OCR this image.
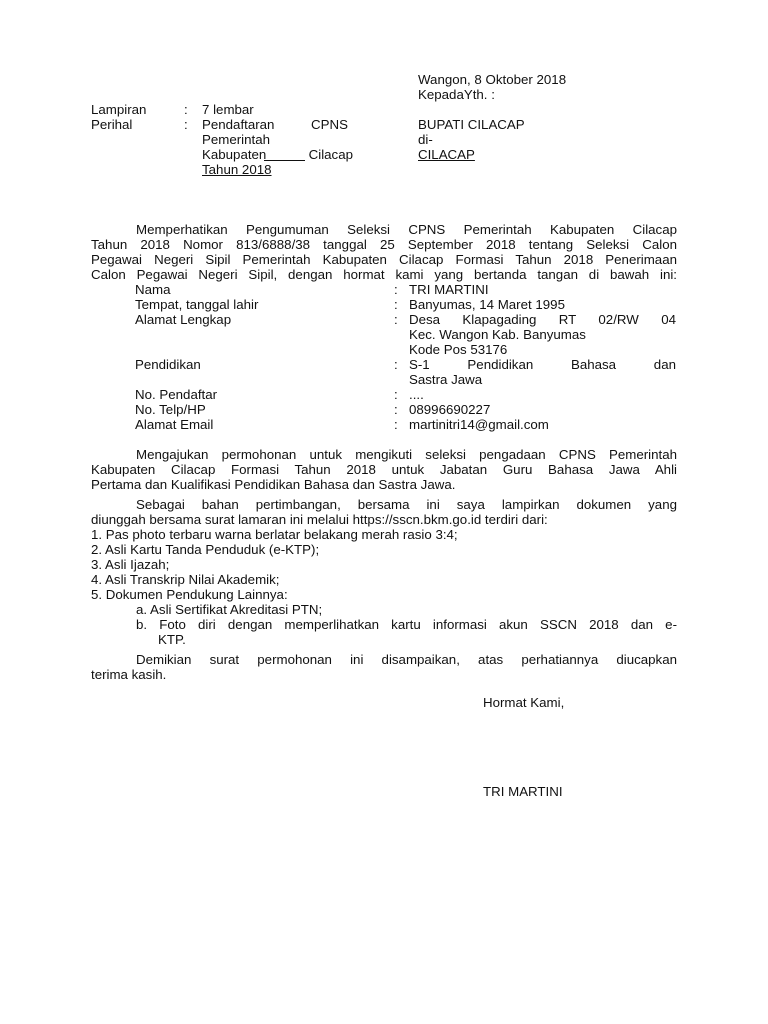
Wangon, 8 Oktober 2018
KepadaYth. :
BUPATI CILACAP
di-
CILACAP
Lampiran	: 7 lembar
Perihal	: Pendaftaran	CPNS
Pemerintah
Kabupaten	Cilacap
Tahun 2018
Memperhatikan Pengumuman Seleksi CPNS Pemerintah Kabupaten Cilacap
Tahun 2018 Nomor 813/6888/38 tanggal 25 September 2018 tentang Seleksi Calon
Pegawai Negeri Sipil Pemerintah Kabupaten Cilacap Formasi Tahun 2018 Penerimaan
Calon Pegawai Negeri Sipil, dengan hormat kami yang bertanda tangan di bawah ini:
Nama	: TRI MARTINI
Tempat, tanggal lahir	: Banyumas, 14 Maret 1995
Alamat Lengkap	: Desa Klapagading RT 02/RW 04
Kec. Wangon Kab. Banyumas
Kode Pos 53176
Pendidikan	: S-1 Pendidikan Bahasa dan
Sastra Jawa
No. Pendaftar	: ....
No. Telp/HP	: 08996690227
Alamat Email	: martinitri14@gmail.com
Mengajukan permohonan untuk mengikuti seleksi pengadaan CPNS Pemerintah
Kabupaten Cilacap Formasi Tahun 2018 untuk Jabatan Guru Bahasa Jawa Ahli
Pertama dan Kualifikasi Pendidikan Bahasa dan Sastra Jawa.
Sebagai bahan pertimbangan, bersama ini saya lampirkan dokumen yang
diunggah bersama surat lamaran ini melalui https://sscn.bkm.go.id terdiri dari:
1. Pas photo terbaru warna berlatar belakang merah rasio 3:4;
2. Asli Kartu Tanda Penduduk (e-KTP);
3. Asli Ijazah;
4. Asli Transkrip Nilai Akademik;
5. Dokumen Pendukung Lainnya:
a. Asli Sertifikat Akreditasi PTN;
b. Foto diri dengan memperlihatkan kartu informasi akun SSCN 2018 dan e-
KTP.
Demikian surat permohonan ini disampaikan, atas perhatiannya diucapkan
terima kasih.
Hormat Kami,
TRI MARTINI
